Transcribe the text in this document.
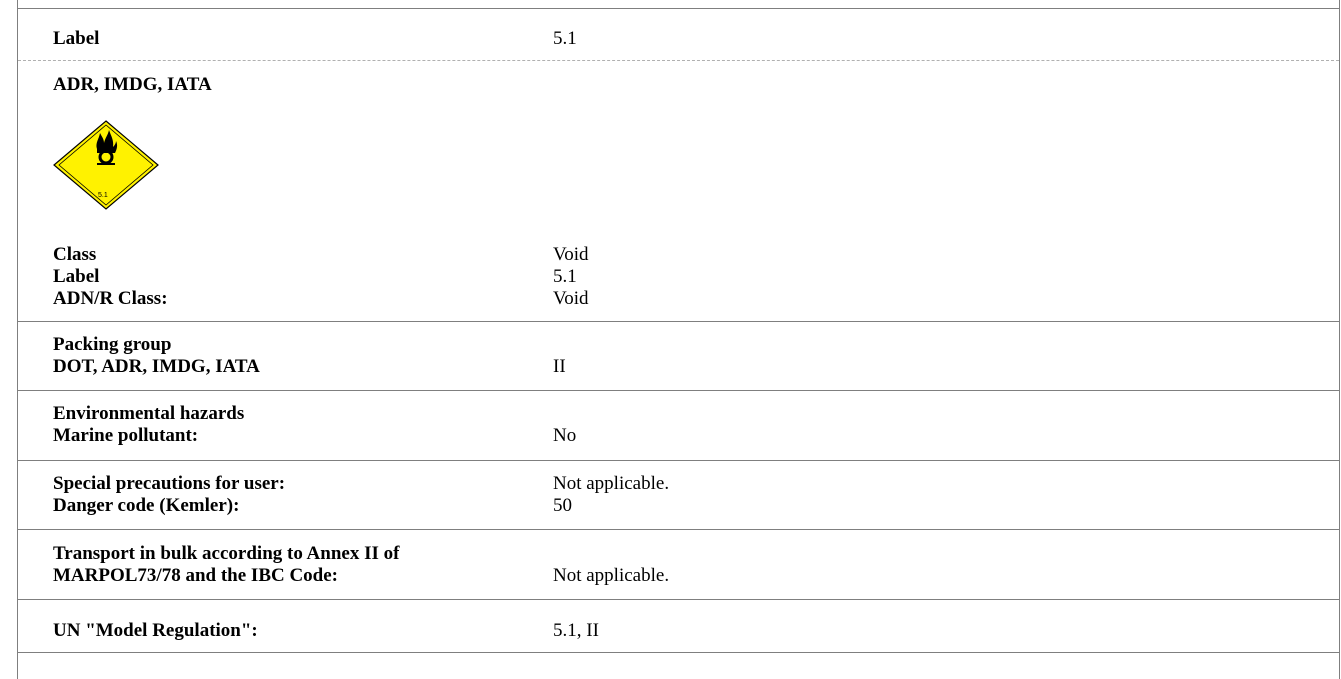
Label	5.1
ADR, IMDG, IATA
5.1
Class	Void
Label	5.1
ADN/R Class:	Void
Packing group
DOT, ADR, IMDG, IATA	II
Environmental hazards
Marine pollutant:	No
Special precautions for user:	Not applicable.
Danger code (Kemler):	50
Transport in bulk according to Annex II of
MARPOL73/78 and the IBC Code:	Not applicable.
UN "Model Regulation":	5.1, II
